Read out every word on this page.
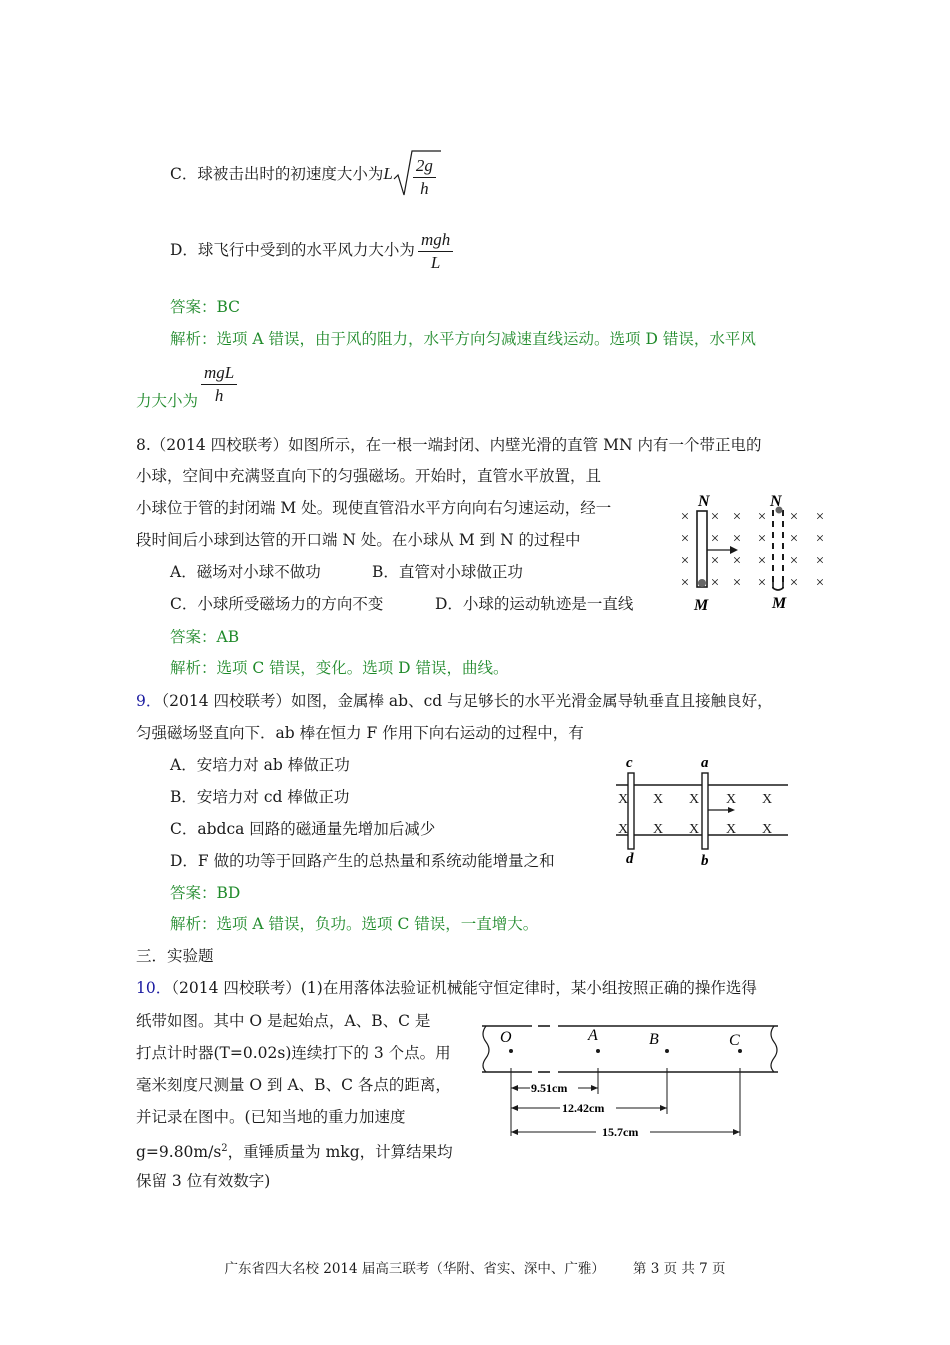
C．球被击出时的初速度大小为L $\frac{2g}{h}$
D．球飞行中受到的水平风力大小为 $\frac{\text{mgh}}{L}$
答案：BC
解析：选项 A 错误，由于风的阻力，水平方向匀减速直线运动。选项 D 错误，水平风
力大小为 $\frac{\text{mgL}}{h}$
8.（2014 四校联考）如图所示，在一根一端封闭、内壁光滑的直管 MN 内有一个带正电的
小球，空间中充满竖直向下的匀强磁场。开始时，直管水平放置，且
小球位于管的封闭端 M 处。现使直管沿水平方向向右匀速运动，经一
段时间后小球到达管的开口端 N 处。在小球从 M 到 N 的过程中
A．磁场对小球不做功	B．直管对小球做正功
C．小球所受磁场力的方向不变	D．小球的运动轨迹是一直线
答案：AB
解析：选项 C 错误，变化。选项 D 错误，曲线。
× × × × × ×
× × × × × ×
× × × × × ×
× × × × × ×
N	N
M	M
9．（2014 四校联考）如图，金属棒 ab、cd 与足够长的水平光滑金属导轨垂直且接触良好，
匀强磁场竖直向下．ab 棒在恒力 F 作用下向右运动的过程中，有
A．安培力对 ab 棒做正功
B．安培力对 cd 棒做正功
C．abdca 回路的磁通量先增加后减少
D．F 做的功等于回路产生的总热量和系统动能增量之和
答案：BD
解析：选项 A 错误，负功。选项 C 错误，一直增大。
X X X X X
X X X X X
c	a
d	b
三．实验题
10．（2014 四校联考）(1)在用落体法验证机械能守恒定律时，某小组按照正确的操作选得
纸带如图。其中 O 是起始点，A、B、C 是
打点计时器(T=0.02s)连续打下的 3 个点。用
毫米刻度尺测量 O 到 A、B、C 各点的距离，
并记录在图中。(已知当地的重力加速度
$g=9.80m/s^2$，重锤质量为 mkg，计算结果均
保留 3 位有效数字)
O	A	B	C
9.51cm
12.42cm
15.7cm
广东省四大名校 2014 届高三联考（华附、省实、深中、广雅） 第 3 页 共 7 页
